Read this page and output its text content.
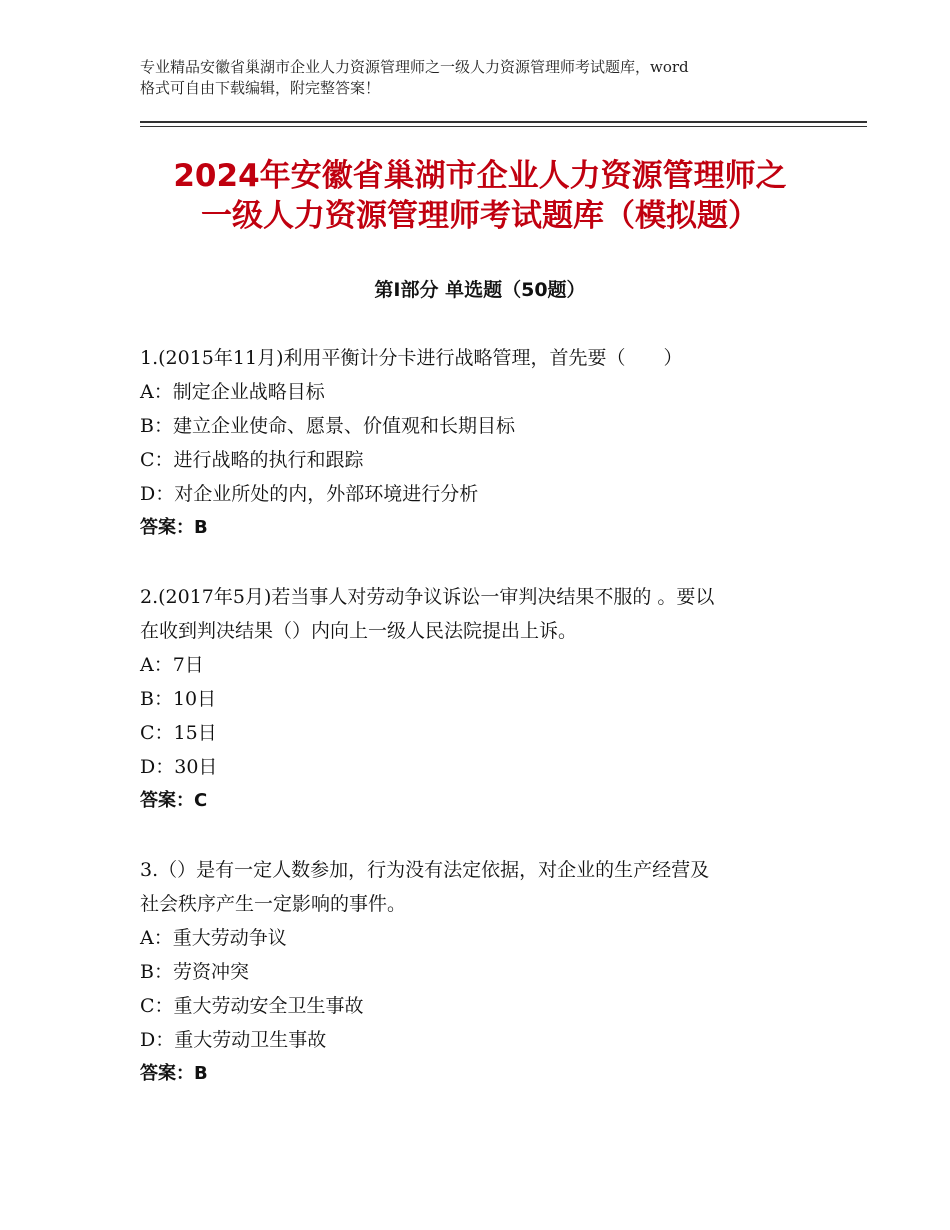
专业精品安徽省巢湖市企业人力资源管理师之一级人力资源管理师考试题库，word
格式可自由下载编辑，附完整答案！
2024年安徽省巢湖市企业人力资源管理师之
一级人力资源管理师考试题库（模拟题）
第Ⅰ部分 单选题（50题）
1.(2015年11月)利用平衡计分卡进行战略管理，首先要（　　）
A：制定企业战略目标
B：建立企业使命、愿景、价值观和长期目标
C：进行战略的执行和跟踪
D：对企业所处的内，外部环境进行分析
答案：B
2.(2017年5月)若当事人对劳动争议诉讼一审判决结果不服的 。要以
在收到判决结果（）内向上一级人民法院提出上诉。
A：7日
B：10日
C：15日
D：30日
答案：C
3.（）是有一定人数参加，行为没有法定依据，对企业的生产经营及
社会秩序产生一定影响的事件。
A：重大劳动争议
B：劳资冲突
C：重大劳动安全卫生事故
D：重大劳动卫生事故
答案：B
